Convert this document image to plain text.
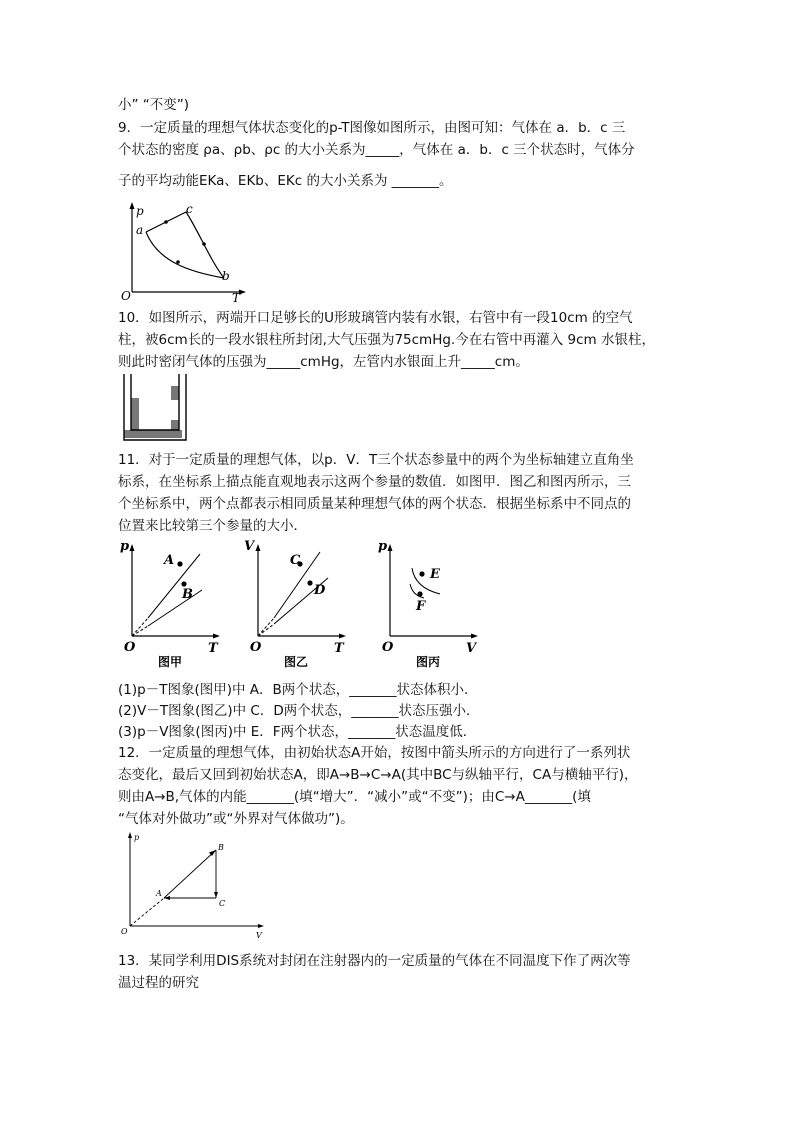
小” “不变”)
9．一定质量的理想气体状态变化的p-T图像如图所示，由图可知：气体在 a．b．c 三
个状态的密度 ρa、ρb、ρc 的大小关系为_____，气体在 a．b．c 三个状态时，气体分
子的平均动能EKa、EKb、EKc 的大小关系为 _______。
p
T
O
a
c
b
10．如图所示，两端开口足够长的U形玻璃管内装有水银，右管中有一段10cm 的空气
柱，被6cm长的一段水银柱所封闭,大气压强为75cmHg.今在右管中再灌入 9cm 水银柱，
则此时密闭气体的压强为_____cmHg，左管内水银面上升_____cm。
11．对于一定质量的理想气体，以p．V．T三个状态参量中的两个为坐标轴建立直角坐
标系，在坐标系上描点能直观地表示这两个参量的数值．如图甲．图乙和图丙所示，三
个坐标系中，两个点都表示相同质量某种理想气体的两个状态．根据坐标系中不同点的
位置来比较第三个参量的大小．
p
T
O
A
B
图甲
V
T
O
C
D
图乙
p
V
O
E
F
图丙
(1)p－T图象(图甲)中 A．B两个状态，_______状态体积小．
(2)V－T图象(图乙)中 C．D两个状态，_______状态压强小．
(3)p－V图象(图丙)中 E．F两个状态，_______状态温度低．
12．一定质量的理想气体，由初始状态A开始，按图中箭头所示的方向进行了一系列状
态变化，最后又回到初始状态A，即A→B→C→A(其中BC与纵轴平行，CA与横轴平行)，
则由A→B,气体的内能_______(填“增大”．“减小”或“不变”)；由C→A_______(填
“气体对外做功”或“外界对气体做功”)。
p
V
O
A
B
C
13．某同学利用DIS系统对封闭在注射器内的一定质量的气体在不同温度下作了两次等
温过程的研究
